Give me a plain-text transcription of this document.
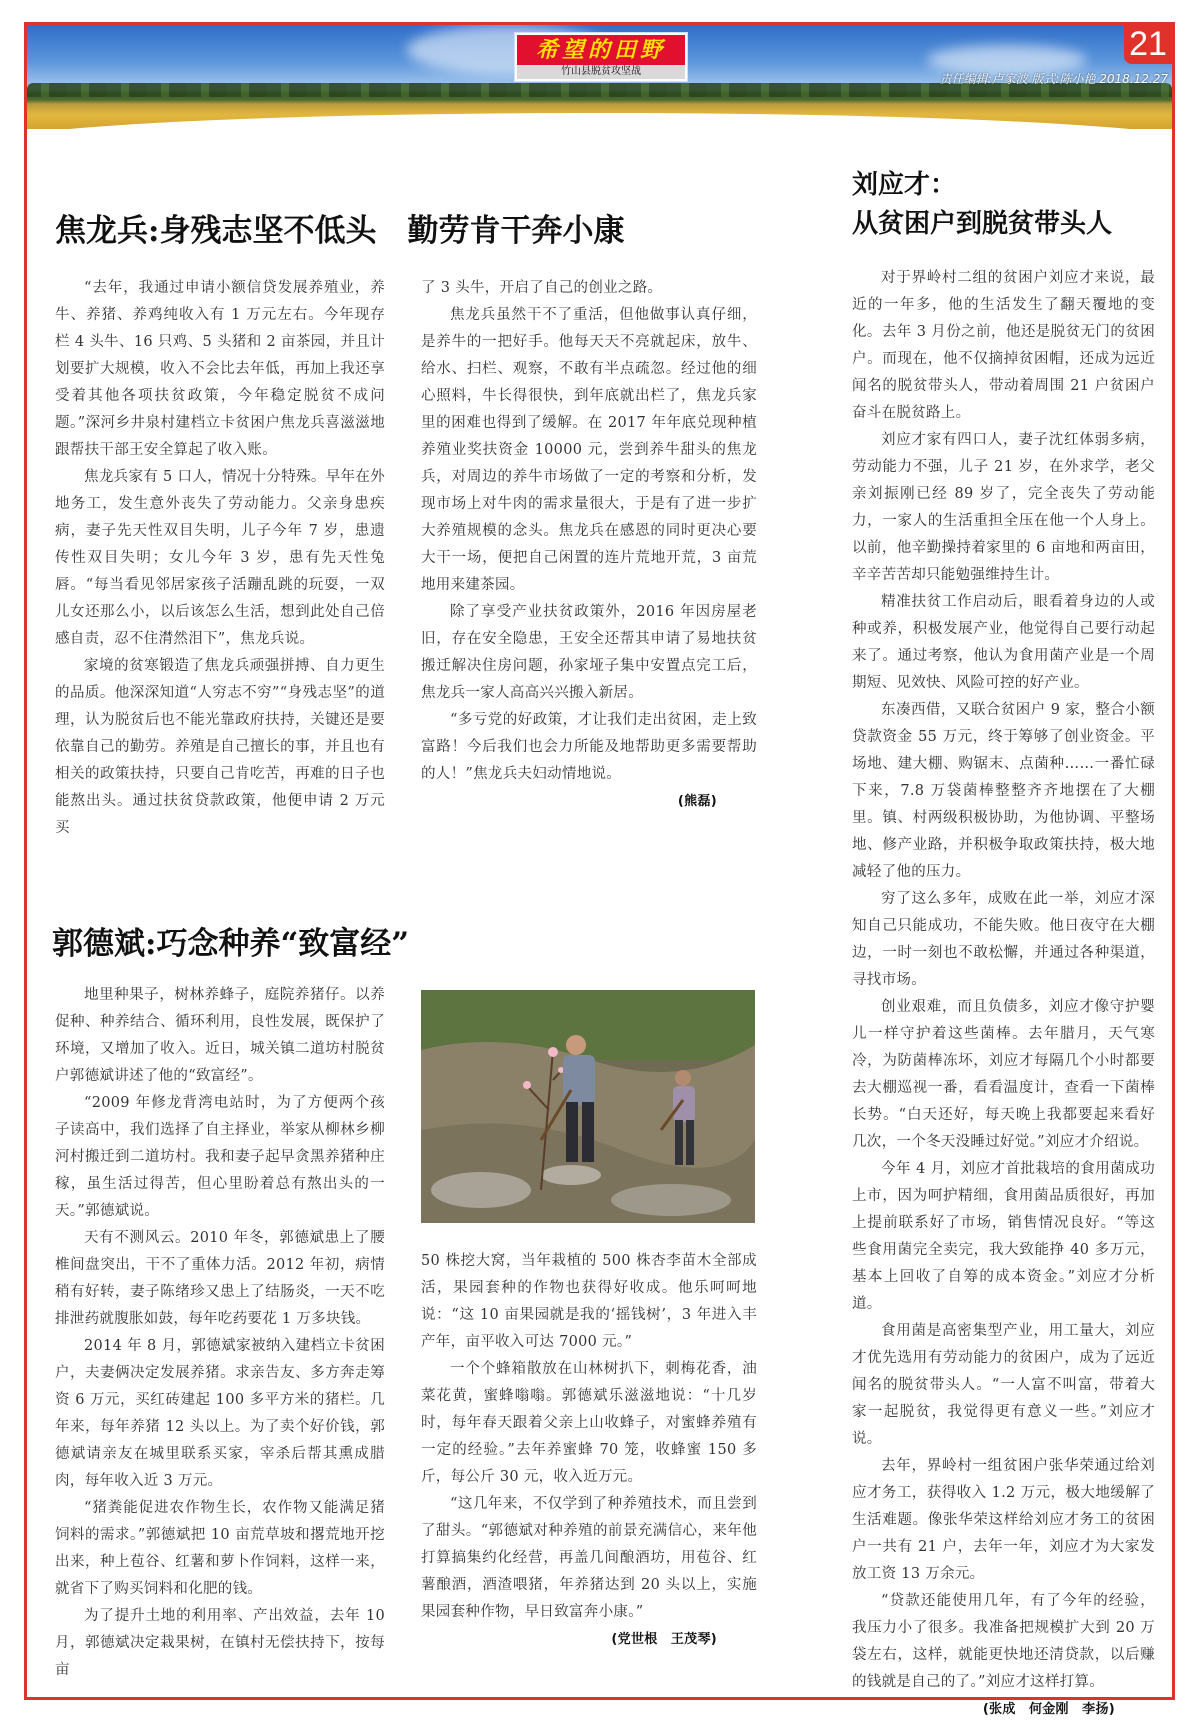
希望的田野
竹山县脱贫攻坚战
21
责任编辑:卢家波 版式:陈小艳 2018.12.27
焦龙兵:身残志坚不低头　勤劳肯干奔小康

“去年，我通过申请小额信贷发展养殖业，养牛、养猪、养鸡纯收入有 1 万元左右。今年现存栏 4 头牛、16 只鸡、5 头猪和 2 亩茶园，并且计划要扩大规模，收入不会比去年低，再加上我还享受着其他各项扶贫政策，今年稳定脱贫不成问题。”深河乡井泉村建档立卡贫困户焦龙兵喜滋滋地跟帮扶干部王安全算起了收入账。

焦龙兵家有 5 口人，情况十分特殊。早年在外地务工，发生意外丧失了劳动能力。父亲身患疾病，妻子先天性双目失明，儿子今年 7 岁，患遗传性双目失明；女儿今年 3 岁，患有先天性兔唇。“每当看见邻居家孩子活蹦乱跳的玩耍，一双儿女还那么小，以后该怎么生活，想到此处自己倍感自责，忍不住潸然泪下”，焦龙兵说。

家境的贫寒锻造了焦龙兵顽强拼搏、自力更生的品质。他深深知道“人穷志不穷”“身残志坚”的道理，认为脱贫后也不能光靠政府扶持，关键还是要依靠自己的勤劳。养殖是自己擅长的事，并且也有相关的政策扶持，只要自己肯吃苦，再难的日子也能熬出头。通过扶贫贷款政策，他便申请 2 万元买

了 3 头牛，开启了自己的创业之路。

焦龙兵虽然干不了重活，但他做事认真仔细，是养牛的一把好手。他每天天不亮就起床，放牛、给水、扫栏、观察，不敢有半点疏忽。经过他的细心照料，牛长得很快，到年底就出栏了，焦龙兵家里的困难也得到了缓解。在 2017 年年底兑现种植养殖业奖扶资金 10000 元，尝到养牛甜头的焦龙兵，对周边的养牛市场做了一定的考察和分析，发现市场上对牛肉的需求量很大，于是有了进一步扩大养殖规模的念头。焦龙兵在感恩的同时更决心要大干一场，便把自己闲置的连片荒地开荒，3 亩荒地用来建茶园。

除了享受产业扶贫政策外，2016 年因房屋老旧，存在安全隐患，王安全还帮其申请了易地扶贫搬迁解决住房问题，孙家垭子集中安置点完工后，焦龙兵一家人高高兴兴搬入新居。

“多亏党的好政策，才让我们走出贫困，走上致富路！今后我们也会力所能及地帮助更多需要帮助的人！”焦龙兵夫妇动情地说。

(熊磊)
郭德斌:巧念种养“致富经”

地里种果子，树林养蜂子，庭院养猪仔。以养促种、种养结合、循环利用，良性发展，既保护了环境，又增加了收入。近日，城关镇二道坊村脱贫户郭德斌讲述了他的“致富经”。

“2009 年修龙背湾电站时，为了方便两个孩子读高中，我们选择了自主择业，举家从柳林乡柳河村搬迁到二道坊村。我和妻子起早贪黑养猪种庄稼，虽生活过得苦，但心里盼着总有熬出头的一天。”郭德斌说。

天有不测风云。2010 年冬，郭德斌患上了腰椎间盘突出，干不了重体力活。2012 年初，病情稍有好转，妻子陈绪珍又患上了结肠炎，一天不吃排泄药就腹胀如鼓，每年吃药要花 1 万多块钱。

2014 年 8 月，郭德斌家被纳入建档立卡贫困户，夫妻俩决定发展养猪。求亲告友、多方奔走筹资 6 万元，买红砖建起 100 多平方米的猪栏。几年来，每年养猪 12 头以上。为了卖个好价钱，郭德斌请亲友在城里联系买家，宰杀后帮其熏成腊肉，每年收入近 3 万元。

“猪粪能促进农作物生长，农作物又能满足猪饲料的需求。”郭德斌把 10 亩荒草坡和撂荒地开挖出来，种上苞谷、红薯和萝卜作饲料，这样一来，就省下了购买饲料和化肥的钱。

为了提升土地的利用率、产出效益，去年 10 月，郭德斌决定栽果树，在镇村无偿扶持下，按每亩

50 株挖大窝，当年栽植的 500 株杏李苗木全部成活，果园套种的作物也获得好收成。他乐呵呵地说：“这 10 亩果园就是我的‘摇钱树’，3 年进入丰产年，亩平收入可达 7000 元。”

一个个蜂箱散放在山林树扒下，刺梅花香，油菜花黄，蜜蜂嗡嗡。郭德斌乐滋滋地说：“十几岁时，每年春天跟着父亲上山收蜂子，对蜜蜂养殖有一定的经验。”去年养蜜蜂 70 笼，收蜂蜜 150 多斤，每公斤 30 元，收入近万元。

“这几年来，不仅学到了种养殖技术，而且尝到了甜头。“郭德斌对种养殖的前景充满信心，来年他打算搞集约化经营，再盖几间酿酒坊，用苞谷、红薯酿酒，酒渣喂猪，年养猪达到 20 头以上，实施果园套种作物，早日致富奔小康。”

(党世根　王茂琴)
刘应才：
从贫困户到脱贫带头人

对于界岭村二组的贫困户刘应才来说，最近的一年多，他的生活发生了翻天覆地的变化。去年 3 月份之前，他还是脱贫无门的贫困户。而现在，他不仅摘掉贫困帽，还成为远近闻名的脱贫带头人，带动着周围 21 户贫困户奋斗在脱贫路上。

刘应才家有四口人，妻子沈红体弱多病，劳动能力不强，儿子 21 岁，在外求学，老父亲刘振刚已经 89 岁了，完全丧失了劳动能力，一家人的生活重担全压在他一个人身上。以前，他辛勤操持着家里的 6 亩地和两亩田，辛辛苦苦却只能勉强维持生计。

精准扶贫工作启动后，眼看着身边的人或种或养，积极发展产业，他觉得自己要行动起来了。通过考察，他认为食用菌产业是一个周期短、见效快、风险可控的好产业。

东凑西借，又联合贫困户 9 家，整合小额贷款资金 55 万元，终于筹够了创业资金。平场地、建大棚、购锯末、点菌种……一番忙碌下来，7.8 万袋菌棒整整齐齐地摆在了大棚里。镇、村两级积极协助，为他协调、平整场地、修产业路，并积极争取政策扶持，极大地减轻了他的压力。

穷了这么多年，成败在此一举，刘应才深知自己只能成功，不能失败。他日夜守在大棚边，一时一刻也不敢松懈，并通过各种渠道，寻找市场。

创业艰难，而且负债多，刘应才像守护婴儿一样守护着这些菌棒。去年腊月，天气寒冷，为防菌棒冻坏，刘应才每隔几个小时都要去大棚巡视一番，看看温度计，查看一下菌棒长势。“白天还好，每天晚上我都要起来看好几次，一个冬天没睡过好觉。”刘应才介绍说。

今年 4 月，刘应才首批栽培的食用菌成功上市，因为呵护精细，食用菌品质很好，再加上提前联系好了市场，销售情况良好。“等这些食用菌完全卖完，我大致能挣 40 多万元，基本上回收了自筹的成本资金。”刘应才分析道。

食用菌是高密集型产业，用工量大，刘应才优先选用有劳动能力的贫困户，成为了远近闻名的脱贫带头人。“一人富不叫富，带着大家一起脱贫，我觉得更有意义一些。”刘应才说。

去年，界岭村一组贫困户张华荣通过给刘应才务工，获得收入 1.2 万元，极大地缓解了生活难题。像张华荣这样给刘应才务工的贫困户一共有 21 户，去年一年，刘应才为大家发放工资 13 万余元。

“贷款还能使用几年，有了今年的经验，我压力小了很多。我准备把规模扩大到 20 万袋左右，这样，就能更快地还清贷款，以后赚的钱就是自己的了。”刘应才这样打算。

(张成　何金刚　李扬)
